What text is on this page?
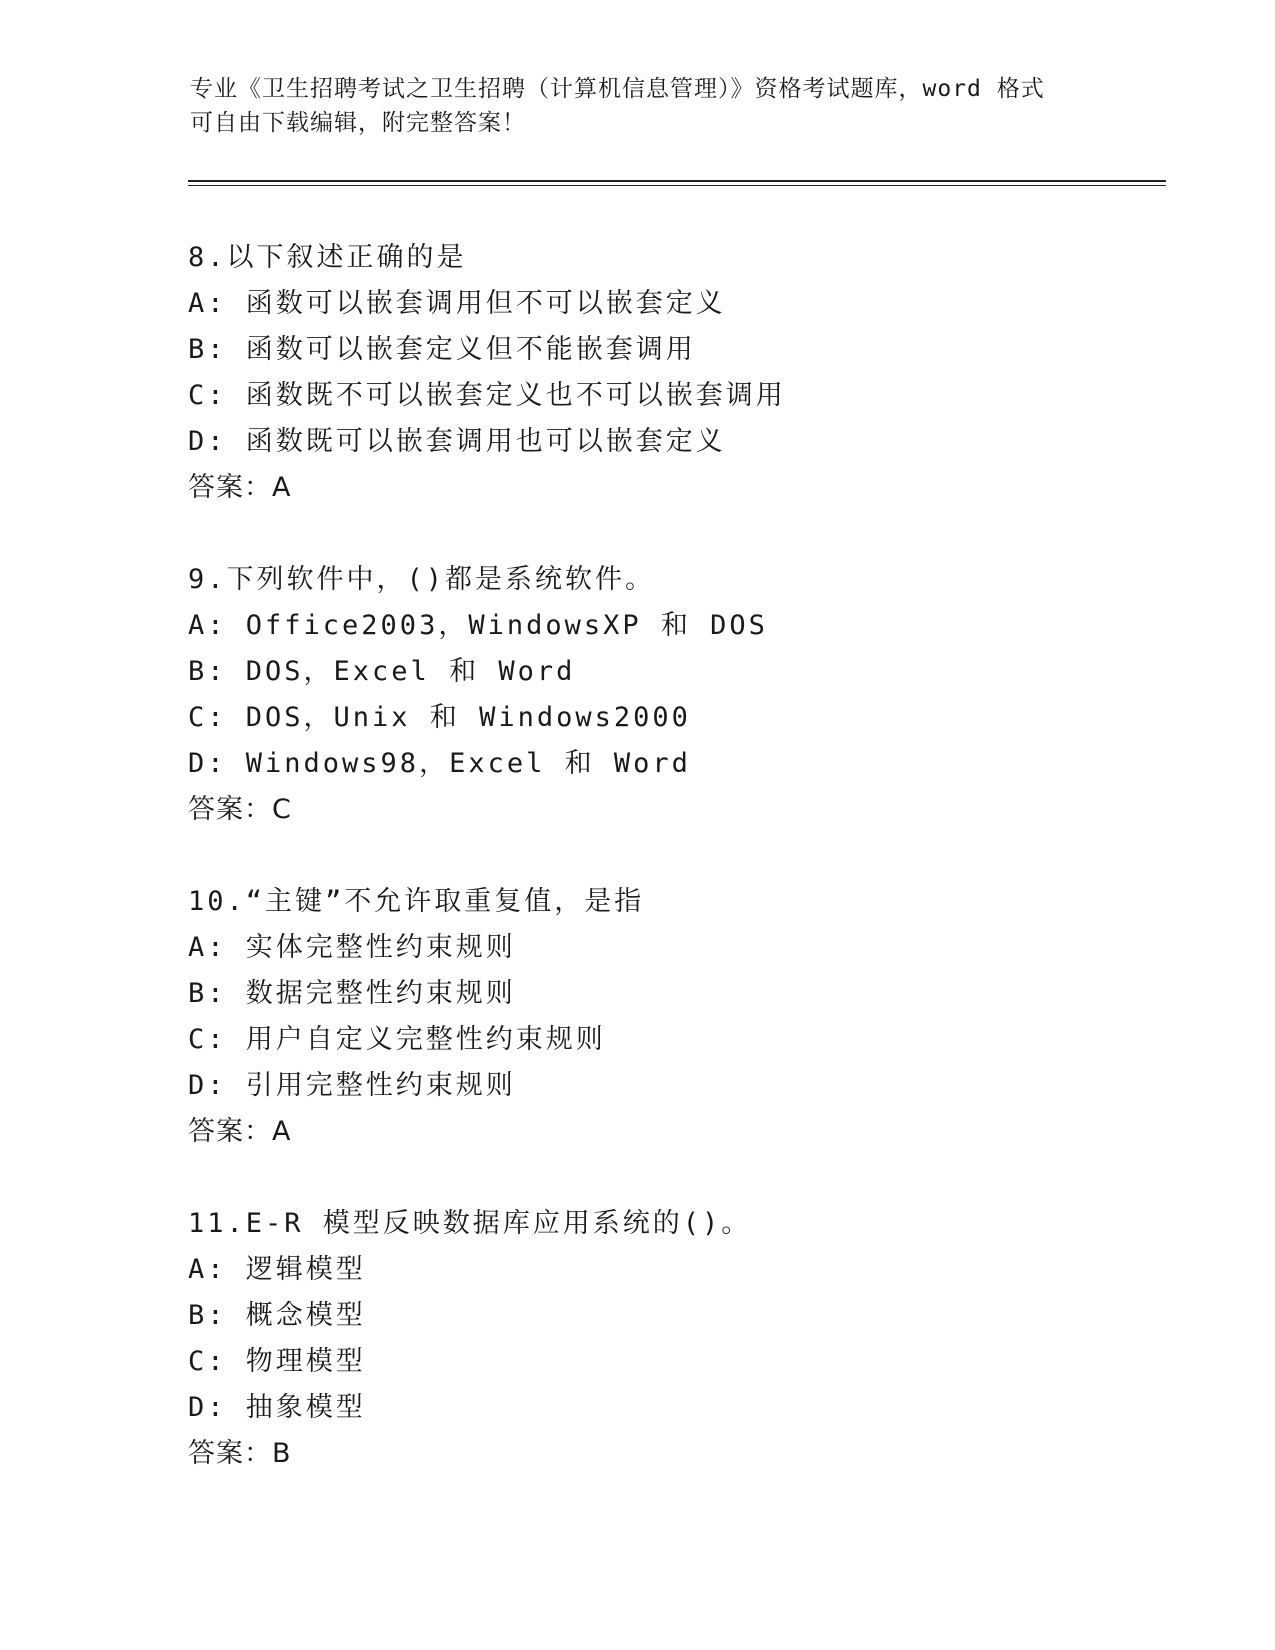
专业《卫生招聘考试之卫生招聘（计算机信息管理）》资格考试题库，word 格式
可自由下载编辑，附完整答案！
8.以下叙述正确的是
A: 函数可以嵌套调用但不可以嵌套定义
B: 函数可以嵌套定义但不能嵌套调用
C: 函数既不可以嵌套定义也不可以嵌套调用
D: 函数既可以嵌套调用也可以嵌套定义
答案：A
9.下列软件中，()都是系统软件。
A: Office2003，WindowsXP 和 DOS
B: DOS，Excel 和 Word
C: DOS，Unix 和 Windows2000
D: Windows98，Excel 和 Word
答案：C
10.“主键”不允许取重复值，是指
A: 实体完整性约束规则
B: 数据完整性约束规则
C: 用户自定义完整性约束规则
D: 引用完整性约束规则
答案：A
11.E-R 模型反映数据库应用系统的()。
A: 逻辑模型
B: 概念模型
C: 物理模型
D: 抽象模型
答案：B
